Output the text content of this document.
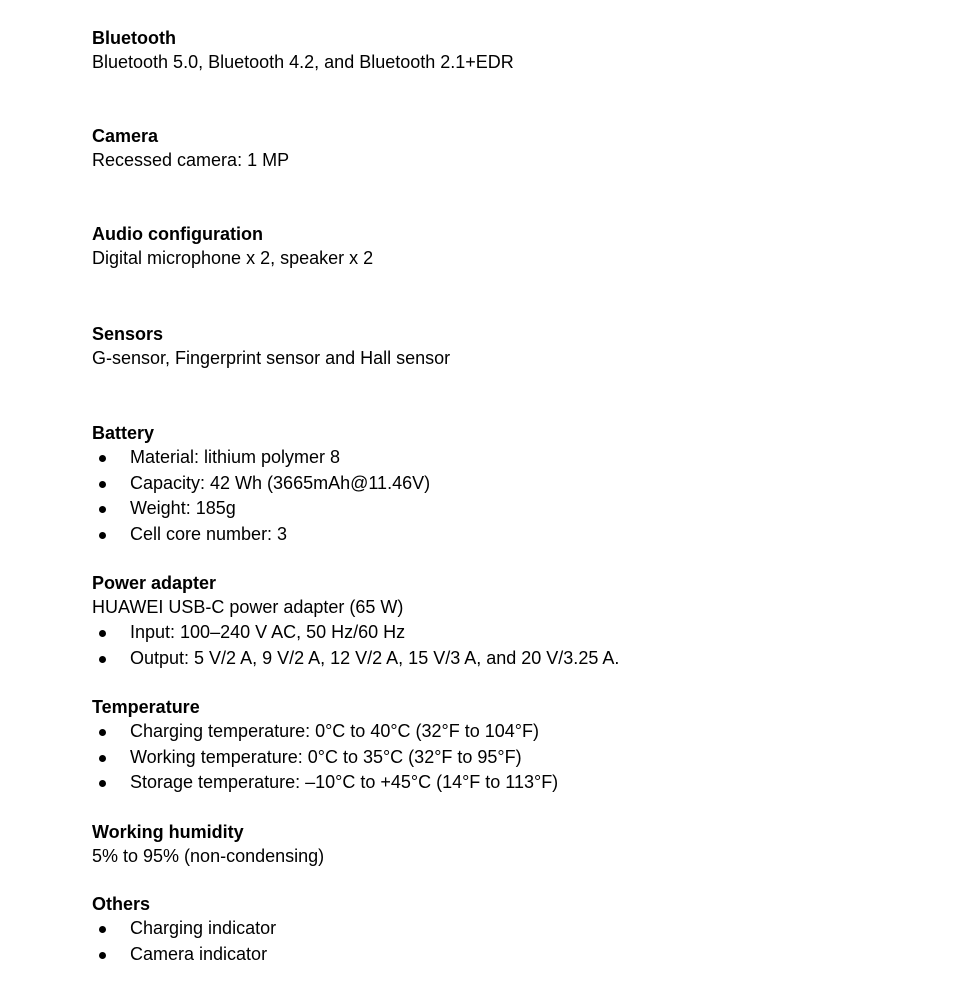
Bluetooth

Bluetooth 5.0, Bluetooth 4.2, and Bluetooth 2.1+EDR

Camera

Recessed camera: 1 MP

Audio configuration

Digital microphone x 2, speaker x 2

Sensors

G-sensor, Fingerprint sensor and Hall sensor

Battery

Material: lithium polymer 8
Capacity: 42 Wh (3665mAh@11.46V)
Weight: 185g
Cell core number: 3

Power adapter

HUAWEI USB-C power adapter (65 W)

Input: 100–240 V AC, 50 Hz/60 Hz
Output: 5 V/2 A, 9 V/2 A, 12 V/2 A, 15 V/3 A, and 20 V/3.25 A.

Temperature

Charging temperature: 0°C to 40°C (32°F to 104°F)
Working temperature: 0°C to 35°C (32°F to 95°F)
Storage temperature: –10°C to +45°C (14°F to 113°F)

Working humidity

5% to 95% (non-condensing)

Others

Charging indicator
Camera indicator
